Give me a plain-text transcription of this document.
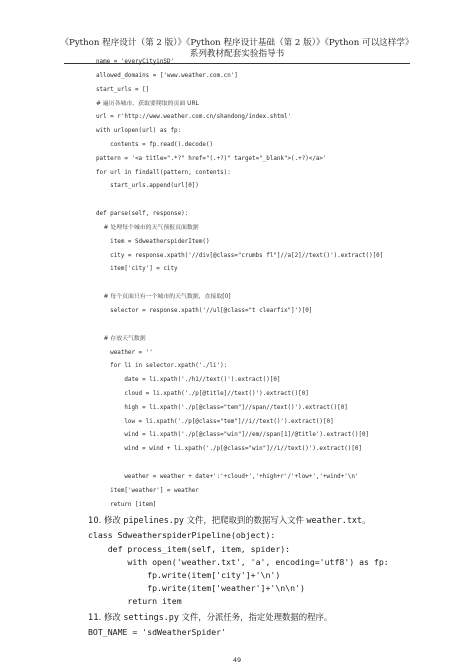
《Python 程序设计（第 2 版）》《Python 程序设计基础（第 2 版）》《Python 可以这样学》
系列教材配套实验指导书
name = 'everyCityinSD'
allowed_domains = ['www.weather.com.cn']
start_urls = []
# 遍历各城市，获取要爬取的页面 URL
url = r'http://www.weather.com.cn/shandong/index.shtml'
with urlopen(url) as fp:
contents = fp.read().decode()
pattern = '<a title=".*?" href="(.+?)" target="_blank">(.+?)</a>'
for url in findall(pattern, contents):
start_urls.append(url[0])
def parse(self, response):
# 处理每个城市的天气预报页面数据
item = SdweatherspiderItem()
city = response.xpath('//div[@class="crumbs fl"]//a[2]//text()').extract()[0]
item['city'] = city
# 每个页面只有一个城市的天气数据，直接取[0]
selector = response.xpath('//ul[@class="t clearfix"]')[0]
# 存放天气数据
weather = ''
for li in selector.xpath('./li'):
date = li.xpath('./h1//text()').extract()[0]
cloud = li.xpath('./p[@title]//text()').extract()[0]
high = li.xpath('./p[@class="tem"]//span//text()').extract()[0]
low = li.xpath('./p[@class="tem"]//i//text()').extract()[0]
wind = li.xpath('./p[@class="win"]//em//span[1]/@title').extract()[0]
wind = wind + li.xpath('./p[@class="win"]//i//text()').extract()[0]
weather = weather + date+':'+cloud+','+high+r'/'+low+','+wind+'\n'
item['weather'] = weather
return [item]
10. 修改 pipelines.py 文件，把爬取到的数据写入文件 weather.txt。
class SdweatherspiderPipeline(object):
def process_item(self, item, spider):
with open('weather.txt', 'a', encoding='utf8') as fp:
fp.write(item['city']+'\n')
fp.write(item['weather']+'\n\n')
return item
11. 修改 settings.py 文件，分派任务，指定处理数据的程序。
BOT_NAME = 'sdWeatherSpider'
49
